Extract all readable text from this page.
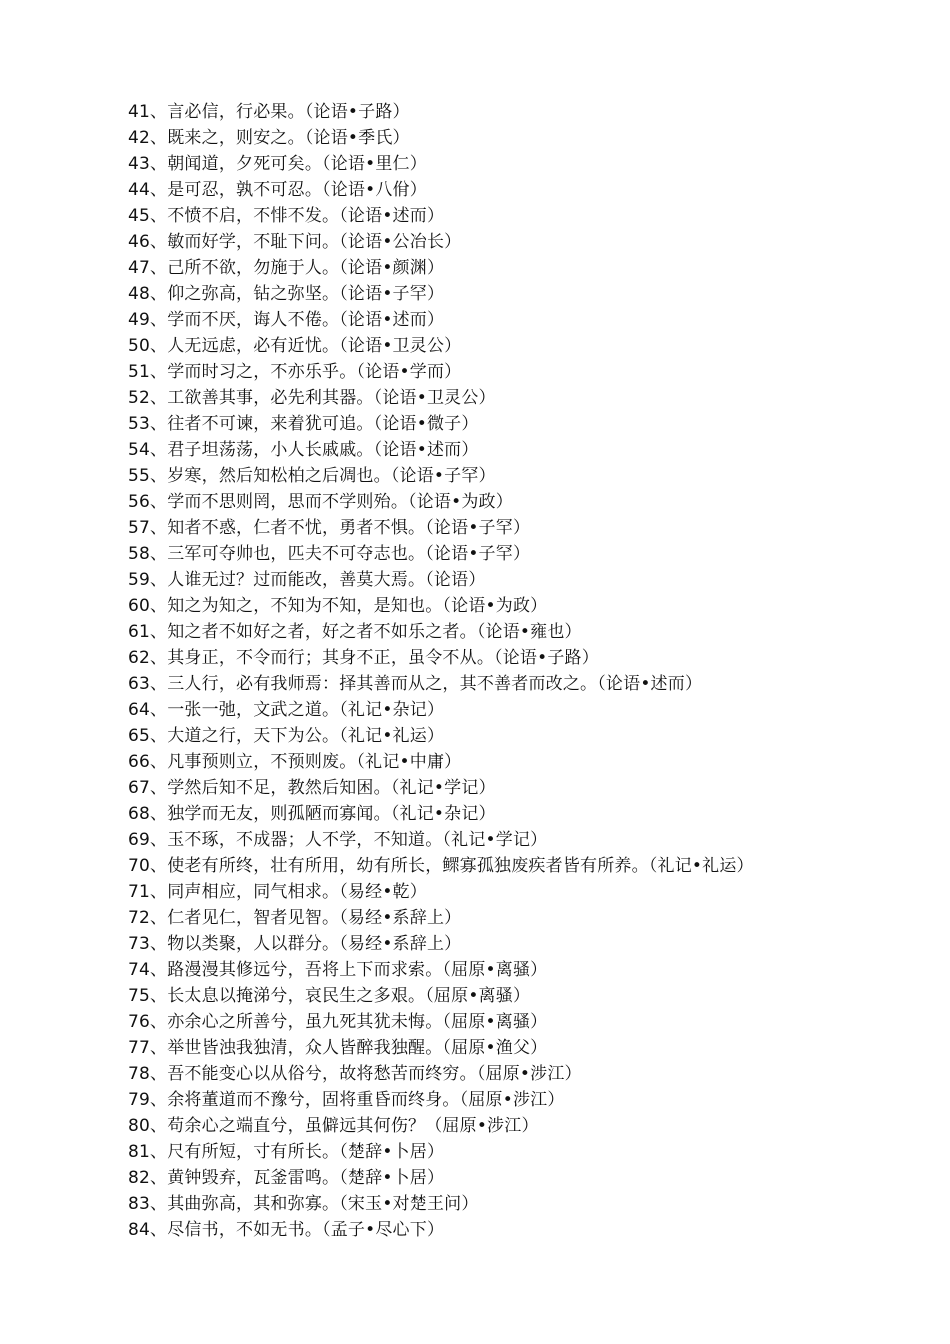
41、言必信，行必果。（论语•子路）
42、既来之，则安之。（论语•季氏）
43、朝闻道，夕死可矣。（论语•里仁）
44、是可忍，孰不可忍。（论语•八佾）
45、不愤不启，不悱不发。（论语•述而）
46、敏而好学，不耻下问。（论语•公冶长）
47、己所不欲，勿施于人。（论语•颜渊）
48、仰之弥高，钻之弥坚。（论语•子罕）
49、学而不厌，诲人不倦。（论语•述而）
50、人无远虑，必有近忧。（论语•卫灵公）
51、学而时习之，不亦乐乎。（论语•学而）
52、工欲善其事，必先利其器。（论语•卫灵公）
53、往者不可谏，来着犹可追。（论语•微子）
54、君子坦荡荡，小人长戚戚。（论语•述而）
55、岁寒，然后知松柏之后凋也。（论语•子罕）
56、学而不思则罔，思而不学则殆。（论语•为政）
57、知者不惑，仁者不忧，勇者不惧。（论语•子罕）
58、三军可夺帅也，匹夫不可夺志也。（论语•子罕）
59、人谁无过？过而能改，善莫大焉。（论语）
60、知之为知之，不知为不知，是知也。（论语•为政）
61、知之者不如好之者，好之者不如乐之者。（论语•雍也）
62、其身正，不令而行；其身不正，虽令不从。（论语•子路）
63、三人行，必有我师焉：择其善而从之，其不善者而改之。（论语•述而）
64、一张一弛，文武之道。（礼记•杂记）
65、大道之行，天下为公。（礼记•礼运）
66、凡事预则立，不预则废。（礼记•中庸）
67、学然后知不足，教然后知困。（礼记•学记）
68、独学而无友，则孤陋而寡闻。（礼记•杂记）
69、玉不琢，不成器；人不学，不知道。（礼记•学记）
70、使老有所终，壮有所用，幼有所长，鳏寡孤独废疾者皆有所养。（礼记•礼运）
71、同声相应，同气相求。（易经•乾）
72、仁者见仁，智者见智。（易经•系辞上）
73、物以类聚，人以群分。（易经•系辞上）
74、路漫漫其修远兮，吾将上下而求索。（屈原•离骚）
75、长太息以掩涕兮，哀民生之多艰。（屈原•离骚）
76、亦余心之所善兮，虽九死其犹未悔。（屈原•离骚）
77、举世皆浊我独清，众人皆醉我独醒。（屈原•渔父）
78、吾不能变心以从俗兮，故将愁苦而终穷。（屈原•涉江）
79、余将董道而不豫兮，固将重昏而终身。（屈原•涉江）
80、苟余心之端直兮，虽僻远其何伤？（屈原•涉江）
81、尺有所短，寸有所长。（楚辞•卜居）
82、黄钟毁弃，瓦釜雷鸣。（楚辞•卜居）
83、其曲弥高，其和弥寡。（宋玉•对楚王问）
84、尽信书，不如无书。（孟子•尽心下）
